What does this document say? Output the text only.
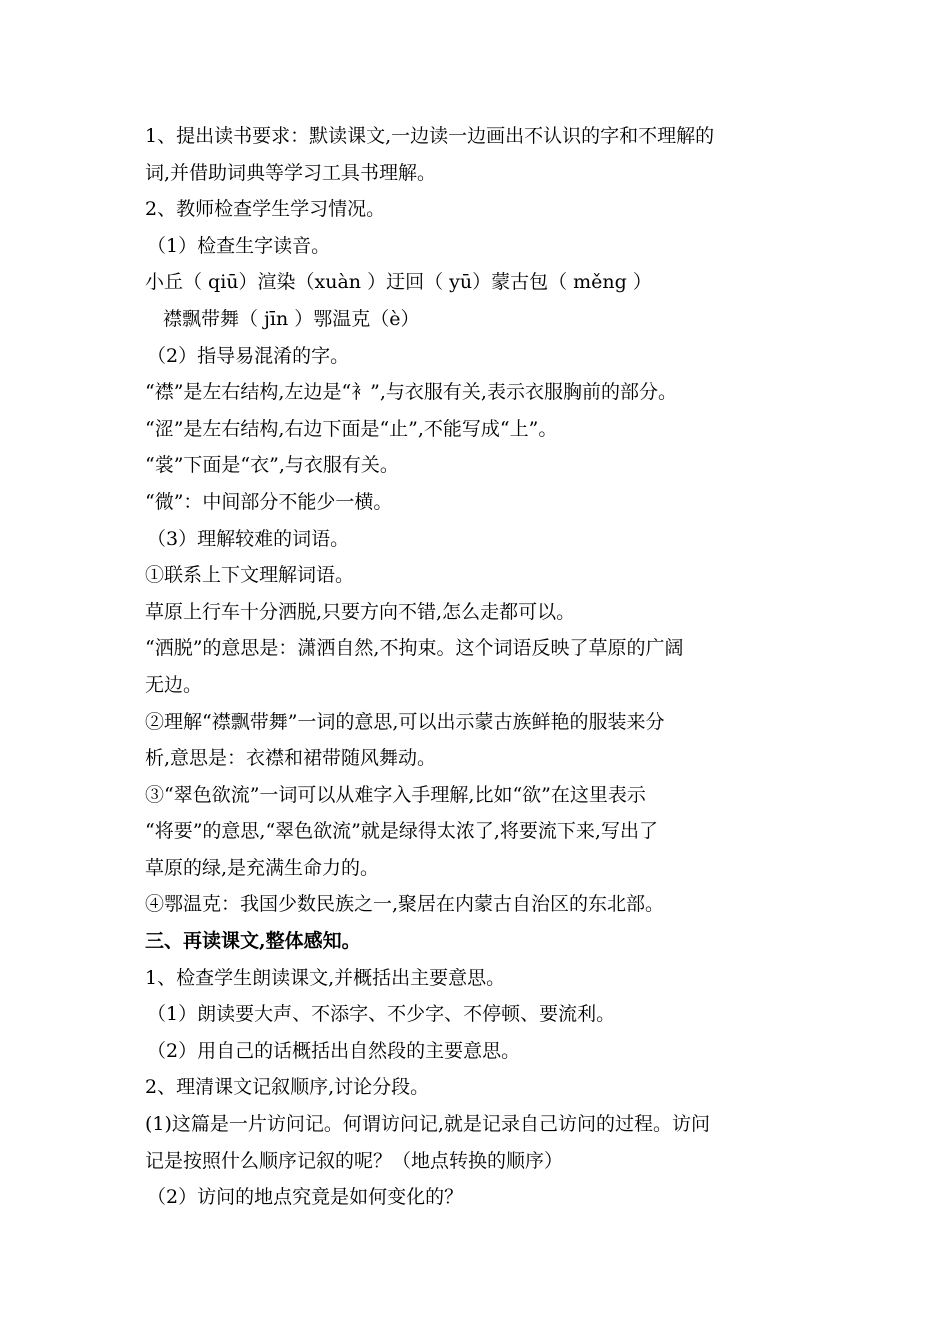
1、提出读书要求：默读课文,一边读一边画出不认识的字和不理解的
词,并借助词典等学习工具书理解。
2、教师检查学生学习情况。
（1）检查生字读音。
小丘（ qiū）渲染（xuàn ）迂回（ yū）蒙古包（ měng ）
襟飘带舞（ jīn ）鄂温克（è）
（2）指导易混淆的字。
“襟”是左右结构,左边是“衤”,与衣服有关,表示衣服胸前的部分。
“涩”是左右结构,右边下面是“止”,不能写成“上”。
“裳”下面是“衣”,与衣服有关。
“微”：中间部分不能少一横。
（3）理解较难的词语。
①联系上下文理解词语。
草原上行车十分洒脱,只要方向不错,怎么走都可以。
“洒脱”的意思是：潇洒自然,不拘束。这个词语反映了草原的广阔
无边。
②理解“襟飘带舞”一词的意思,可以出示蒙古族鲜艳的服装来分
析,意思是：衣襟和裙带随风舞动。
③“翠色欲流”一词可以从难字入手理解,比如“欲”在这里表示
“将要”的意思,“翠色欲流”就是绿得太浓了,将要流下来,写出了
草原的绿,是充满生命力的。
④鄂温克：我国少数民族之一,聚居在内蒙古自治区的东北部。
三、再读课文,整体感知。
1、检查学生朗读课文,并概括出主要意思。
（1）朗读要大声、不添字、不少字、不停顿、要流利。
（2）用自己的话概括出自然段的主要意思。
2、理清课文记叙顺序,讨论分段。
(1)这篇是一片访问记。何谓访问记,就是记录自己访问的过程。访问
记是按照什么顺序记叙的呢？（地点转换的顺序）
（2）访问的地点究竟是如何变化的？
